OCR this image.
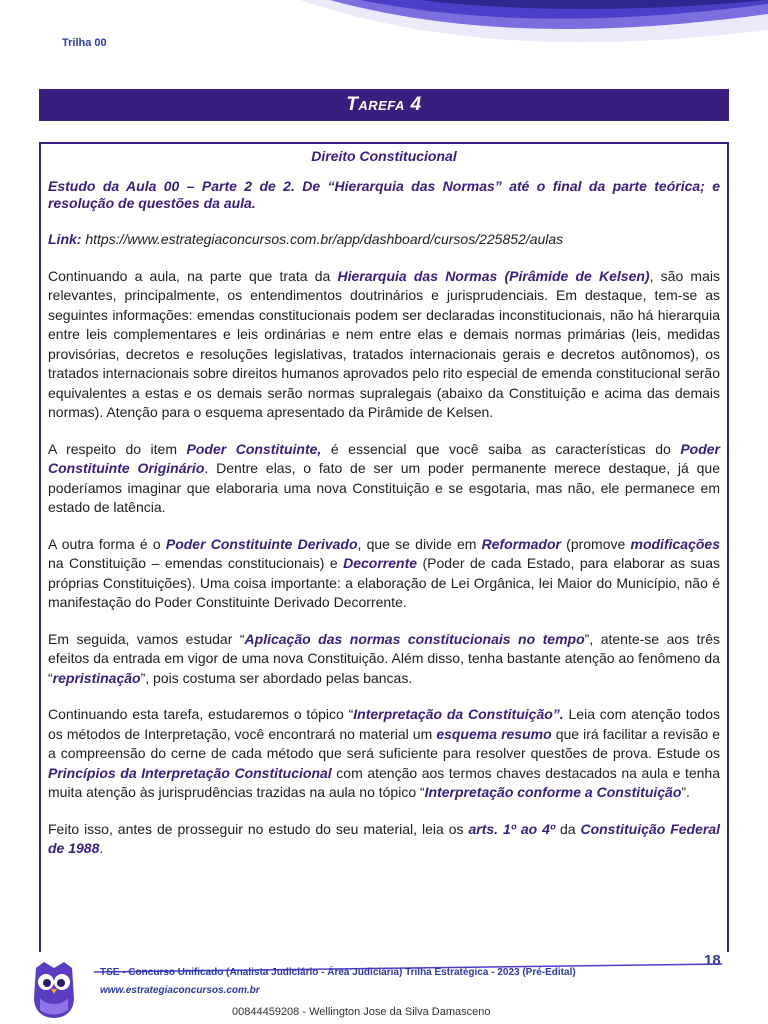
Trilha 00
Tarefa 4
Direito Constitucional

Estudo da Aula 00 – Parte 2 de 2. De “Hierarquia das Normas” até o final da parte teórica; e resolução de questões da aula.

Link: https://www.estrategiaconcursos.com.br/app/dashboard/cursos/225852/aulas

Continuando a aula, na parte que trata da Hierarquia das Normas (Pirâmide de Kelsen), são mais relevantes, principalmente, os entendimentos doutrinários e jurisprudenciais. Em destaque, tem-se as seguintes informações: emendas constitucionais podem ser declaradas inconstitucionais, não há hierarquia entre leis complementares e leis ordinárias e nem entre elas e demais normas primárias (leis, medidas provisórias, decretos e resoluções legislativas, tratados internacionais gerais e decretos autônomos), os tratados internacionais sobre direitos humanos aprovados pelo rito especial de emenda constitucional serão equivalentes a estas e os demais serão normas supralegais (abaixo da Constituição e acima das demais normas). Atenção para o esquema apresentado da Pirâmide de Kelsen.

A respeito do item Poder Constituinte, é essencial que você saiba as características do Poder Constituinte Originário. Dentre elas, o fato de ser um poder permanente merece destaque, já que poderíamos imaginar que elaboraria uma nova Constituição e se esgotaria, mas não, ele permanece em estado de latência.

A outra forma é o Poder Constituinte Derivado, que se divide em Reformador (promove modificações na Constituição – emendas constitucionais) e Decorrente (Poder de cada Estado, para elaborar as suas próprias Constituições). Uma coisa importante: a elaboração de Lei Orgânica, lei Maior do Município, não é manifestação do Poder Constituinte Derivado Decorrente.

Em seguida, vamos estudar “Aplicação das normas constitucionais no tempo”, atente-se aos três efeitos da entrada em vigor de uma nova Constituição. Além disso, tenha bastante atenção ao fenômeno da “repristinação”, pois costuma ser abordado pelas bancas.

Continuando esta tarefa, estudaremos o tópico “Interpretação da Constituição”. Leia com atenção todos os métodos de Interpretação, você encontrará no material um esquema resumo que irá facilitar a revisão e a compreensão do cerne de cada método que será suficiente para resolver questões de prova. Estude os Princípios da Interpretação Constitucional com atenção aos termos chaves destacados na aula e tenha muita atenção às jurisprudências trazidas na aula no tópico “Interpretação conforme a Constituição”.

Feito isso, antes de prosseguir no estudo do seu material, leia os arts. 1º ao 4º da Constituição Federal de 1988.

TSE - Concurso Unificado (Analista Judiciário - Área Judiciária) Trilha Estratégica - 2023 (Pré-Edital)
www.estrategiaconcursos.com.br
18
00844459208 - Wellington Jose da Silva Damasceno
